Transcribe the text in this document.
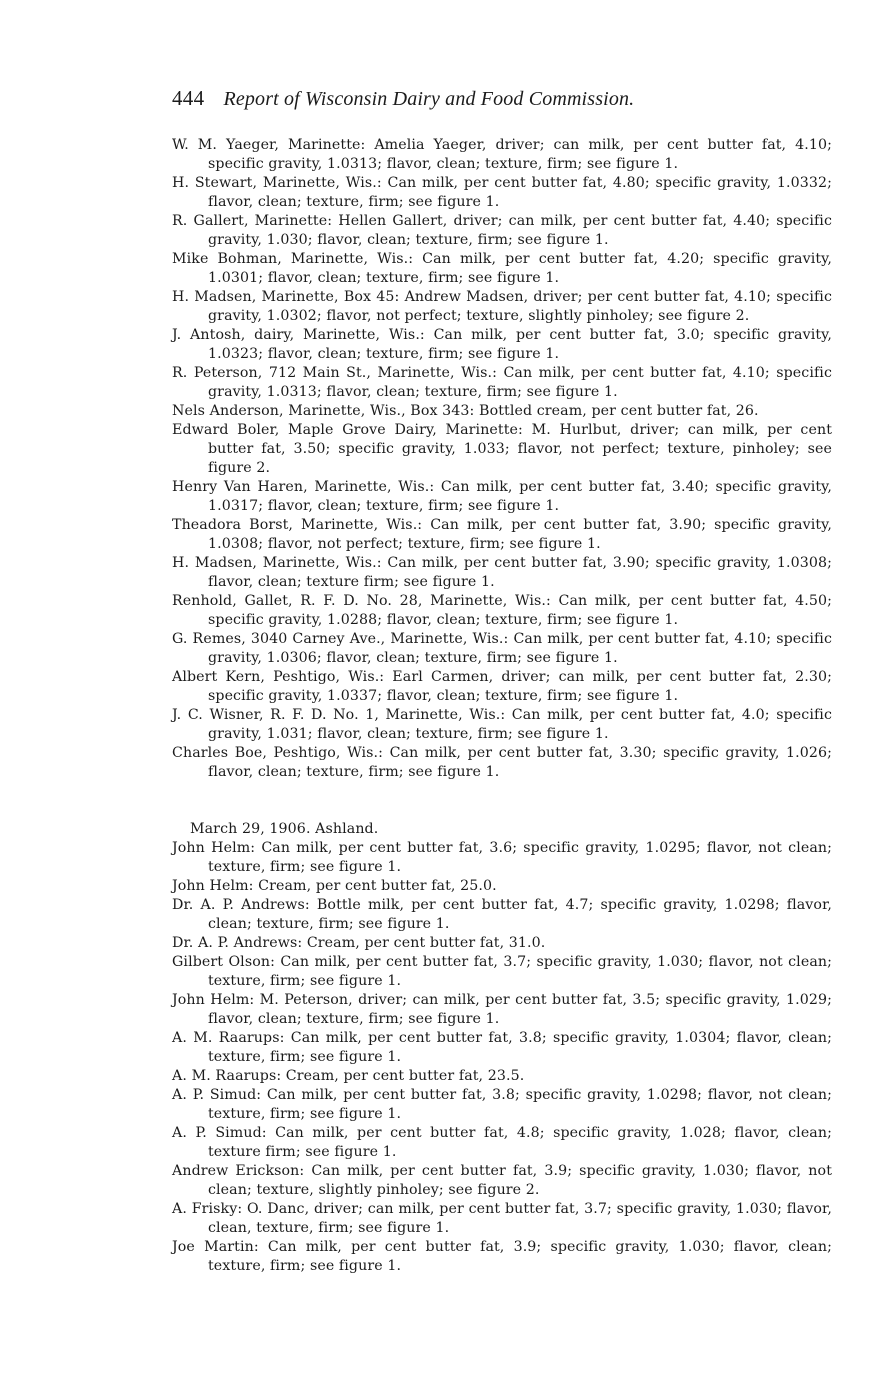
444 Report of Wisconsin Dairy and Food Commission.

W. M. Yaeger, Marinette: Amelia Yaeger, driver; can milk, per cent butter fat, 4.10; specific gravity, 1.0313; flavor, clean; texture, firm; see figure 1.

H. Stewart, Marinette, Wis.: Can milk, per cent butter fat, 4.80; specific gravity, 1.0332; flavor, clean; texture, firm; see figure 1.

R. Gallert, Marinette: Hellen Gallert, driver; can milk, per cent butter fat, 4.40; specific gravity, 1.030; flavor, clean; texture, firm; see figure 1.

Mike Bohman, Marinette, Wis.: Can milk, per cent butter fat, 4.20; specific gravity, 1.0301; flavor, clean; texture, firm; see figure 1.

H. Madsen, Marinette, Box 45: Andrew Madsen, driver; per cent butter fat, 4.10; specific gravity, 1.0302; flavor, not perfect; texture, slightly pinholey; see figure 2.

J. Antosh, dairy, Marinette, Wis.: Can milk, per cent butter fat, 3.0; specific gravity, 1.0323; flavor, clean; texture, firm; see figure 1.

R. Peterson, 712 Main St., Marinette, Wis.: Can milk, per cent butter fat, 4.10; specific gravity, 1.0313; flavor, clean; texture, firm; see figure 1.

Nels Anderson, Marinette, Wis., Box 343: Bottled cream, per cent butter fat, 26.

Edward Boler, Maple Grove Dairy, Marinette: M. Hurlbut, driver; can milk, per cent butter fat, 3.50; specific gravity, 1.033; flavor, not perfect; texture, pinholey; see figure 2.

Henry Van Haren, Marinette, Wis.: Can milk, per cent butter fat, 3.40; specific gravity, 1.0317; flavor, clean; texture, firm; see figure 1.

Theadora Borst, Marinette, Wis.: Can milk, per cent butter fat, 3.90; specific gravity, 1.0308; flavor, not perfect; texture, firm; see figure 1.

H. Madsen, Marinette, Wis.: Can milk, per cent butter fat, 3.90; specific gravity, 1.0308; flavor, clean; texture firm; see figure 1.

Renhold, Gallet, R. F. D. No. 28, Marinette, Wis.: Can milk, per cent butter fat, 4.50; specific gravity, 1.0288; flavor, clean; texture, firm; see figure 1.

G. Remes, 3040 Carney Ave., Marinette, Wis.: Can milk, per cent butter fat, 4.10; specific gravity, 1.0306; flavor, clean; texture, firm; see figure 1.

Albert Kern, Peshtigo, Wis.: Earl Carmen, driver; can milk, per cent butter fat, 2.30; specific gravity, 1.0337; flavor, clean; texture, firm; see figure 1.

J. C. Wisner, R. F. D. No. 1, Marinette, Wis.: Can milk, per cent butter fat, 4.0; specific gravity, 1.031; flavor, clean; texture, firm; see figure 1.

Charles Boe, Peshtigo, Wis.: Can milk, per cent butter fat, 3.30; specific gravity, 1.026; flavor, clean; texture, firm; see figure 1.

March 29, 1906. Ashland.

John Helm: Can milk, per cent butter fat, 3.6; specific gravity, 1.0295; flavor, not clean; texture, firm; see figure 1.

John Helm: Cream, per cent butter fat, 25.0.

Dr. A. P. Andrews: Bottle milk, per cent butter fat, 4.7; specific gravity, 1.0298; flavor, clean; texture, firm; see figure 1.

Dr. A. P. Andrews: Cream, per cent butter fat, 31.0.

Gilbert Olson: Can milk, per cent butter fat, 3.7; specific gravity, 1.030; flavor, not clean; texture, firm; see figure 1.

John Helm: M. Peterson, driver; can milk, per cent butter fat, 3.5; specific gravity, 1.029; flavor, clean; texture, firm; see figure 1.

A. M. Raarups: Can milk, per cent butter fat, 3.8; specific gravity, 1.0304; flavor, clean; texture, firm; see figure 1.

A. M. Raarups: Cream, per cent butter fat, 23.5.

A. P. Simud: Can milk, per cent butter fat, 3.8; specific gravity, 1.0298; flavor, not clean; texture, firm; see figure 1.

A. P. Simud: Can milk, per cent butter fat, 4.8; specific gravity, 1.028; flavor, clean; texture firm; see figure 1.

Andrew Erickson: Can milk, per cent butter fat, 3.9; specific gravity, 1.030; flavor, not clean; texture, slightly pinholey; see figure 2.

A. Frisky: O. Danc, driver; can milk, per cent butter fat, 3.7; specific gravity, 1.030; flavor, clean, texture, firm; see figure 1.

Joe Martin: Can milk, per cent butter fat, 3.9; specific gravity, 1.030; flavor, clean; texture, firm; see figure 1.
